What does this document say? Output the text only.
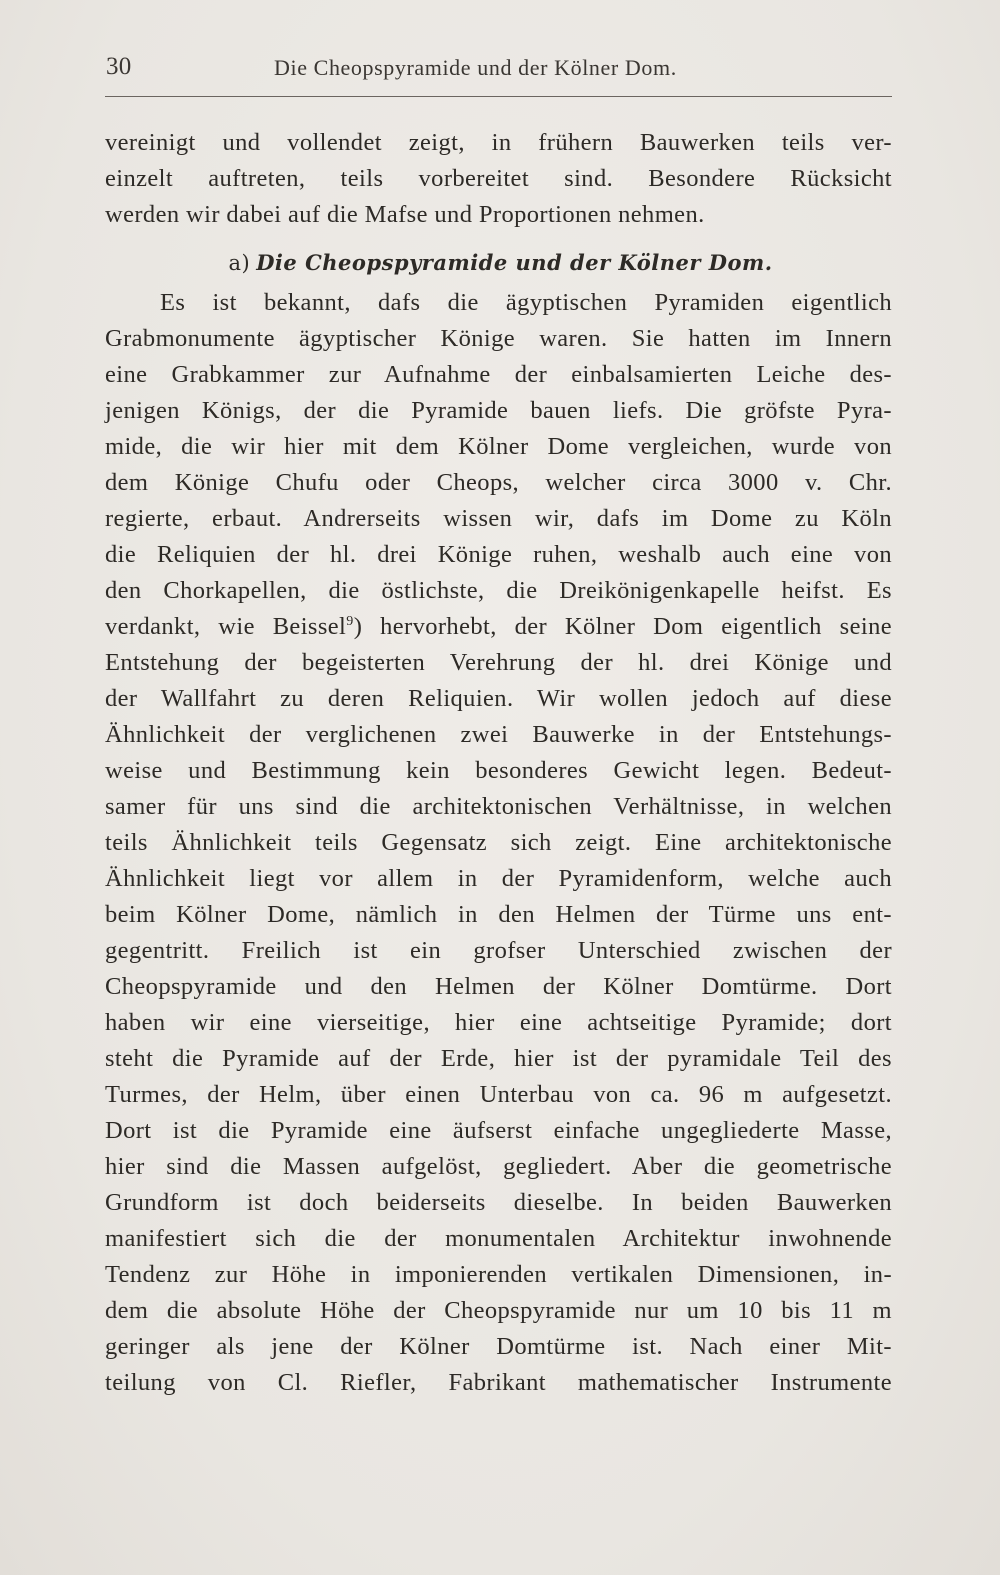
30	Die Cheopspyramide und der Kölner Dom.
vereinigt und vollendet zeigt, in frühern Bauwerken teils ver-
einzelt auftreten, teils vorbereitet sind. Besondere Rücksicht
werden wir dabei auf die Mafse und Proportionen nehmen.
a) Die Cheopspyramide und der Kölner Dom.
Es ist bekannt, dafs die ägyptischen Pyramiden eigentlich
Grabmonumente ägyptischer Könige waren. Sie hatten im Innern
eine Grabkammer zur Aufnahme der einbalsamierten Leiche des-
jenigen Königs, der die Pyramide bauen liefs. Die gröfste Pyra-
mide, die wir hier mit dem Kölner Dome vergleichen, wurde von
dem Könige Chufu oder Cheops, welcher circa 3000 v. Chr.
regierte, erbaut. Andrerseits wissen wir, dafs im Dome zu Köln
die Reliquien der hl. drei Könige ruhen, weshalb auch eine von
den Chorkapellen, die östlichste, die Dreikönigenkapelle heifst. Es
verdankt, wie Beissel$^9$) hervorhebt, der Kölner Dom eigentlich seine
Entstehung der begeisterten Verehrung der hl. drei Könige und
der Wallfahrt zu deren Reliquien. Wir wollen jedoch auf diese
Ähnlichkeit der verglichenen zwei Bauwerke in der Entstehungs-
weise und Bestimmung kein besonderes Gewicht legen. Bedeut-
samer für uns sind die architektonischen Verhältnisse, in welchen
teils Ähnlichkeit teils Gegensatz sich zeigt. Eine architektonische
Ähnlichkeit liegt vor allem in der Pyramidenform, welche auch
beim Kölner Dome, nämlich in den Helmen der Türme uns ent-
gegentritt. Freilich ist ein grofser Unterschied zwischen der
Cheopspyramide und den Helmen der Kölner Domtürme. Dort
haben wir eine vierseitige, hier eine achtseitige Pyramide; dort
steht die Pyramide auf der Erde, hier ist der pyramidale Teil des
Turmes, der Helm, über einen Unterbau von ca. 96 m aufgesetzt.
Dort ist die Pyramide eine äufserst einfache ungegliederte Masse,
hier sind die Massen aufgelöst, gegliedert. Aber die geometrische
Grundform ist doch beiderseits dieselbe. In beiden Bauwerken
manifestiert sich die der monumentalen Architektur inwohnende
Tendenz zur Höhe in imponierenden vertikalen Dimensionen, in-
dem die absolute Höhe der Cheopspyramide nur um 10 bis 11 m
geringer als jene der Kölner Domtürme ist. Nach einer Mit-
teilung von Cl. Riefler, Fabrikant mathematischer Instrumente
